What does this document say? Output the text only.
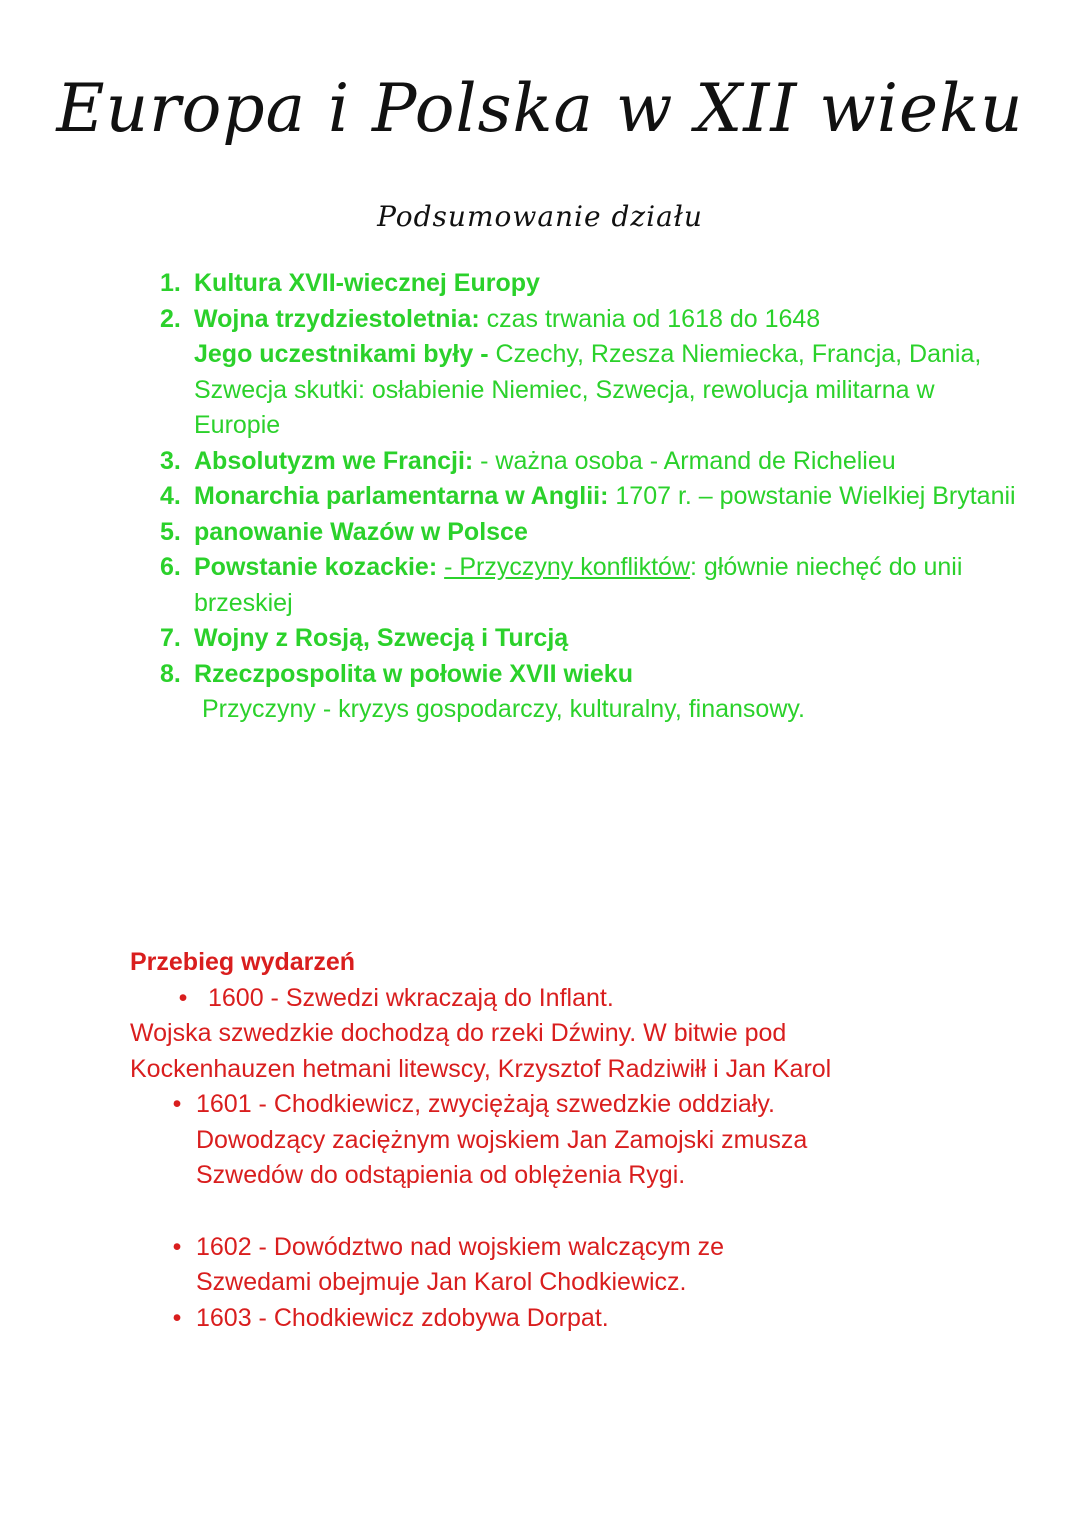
Europa i Polska w XII wieku
Podsumowanie działu
1. Kultura XVII-wiecznej Europy
2. Wojna trzydziestoletnia: czas trwania od 1618 do 1648
Jego uczestnikami były - Czechy, Rzesza Niemiecka, Francja, Dania, Szwecja skutki: osłabienie Niemiec, Szwecja, rewolucja militarna w Europie
3. Absolutyzm we Francji: - ważna osoba - Armand de Richelieu
4. Monarchia parlamentarna w Anglii: 1707 r. – powstanie Wielkiej Brytanii
5. panowanie Wazów w Polsce
6. Powstanie kozackie: - Przyczyny konfliktów: głównie niechęć do unii brzeskiej
7. Wojny z Rosją, Szwecją i Turcją
8. Rzeczpospolita w połowie XVII wieku
Przyczyny - kryzys gospodarczy, kulturalny, finansowy.
Przebieg wydarzeń
• 1600 - Szwedzi wkraczają do Inflant.
Wojska szwedzkie dochodzą do rzeki Dźwiny. W bitwie pod Kockenhauzen hetmani litewscy, Krzysztof Radziwiłł i Jan Karol
• 1601 - Chodkiewicz, zwyciężają szwedzkie oddziały. Dowodzący zaciężnym wojskiem Jan Zamojski zmusza Szwedów do odstąpienia od oblężenia Rygi.
• 1602 - Dowództwo nad wojskiem walczącym ze Szwedami obejmuje Jan Karol Chodkiewicz.
• 1603 - Chodkiewicz zdobywa Dorpat.
